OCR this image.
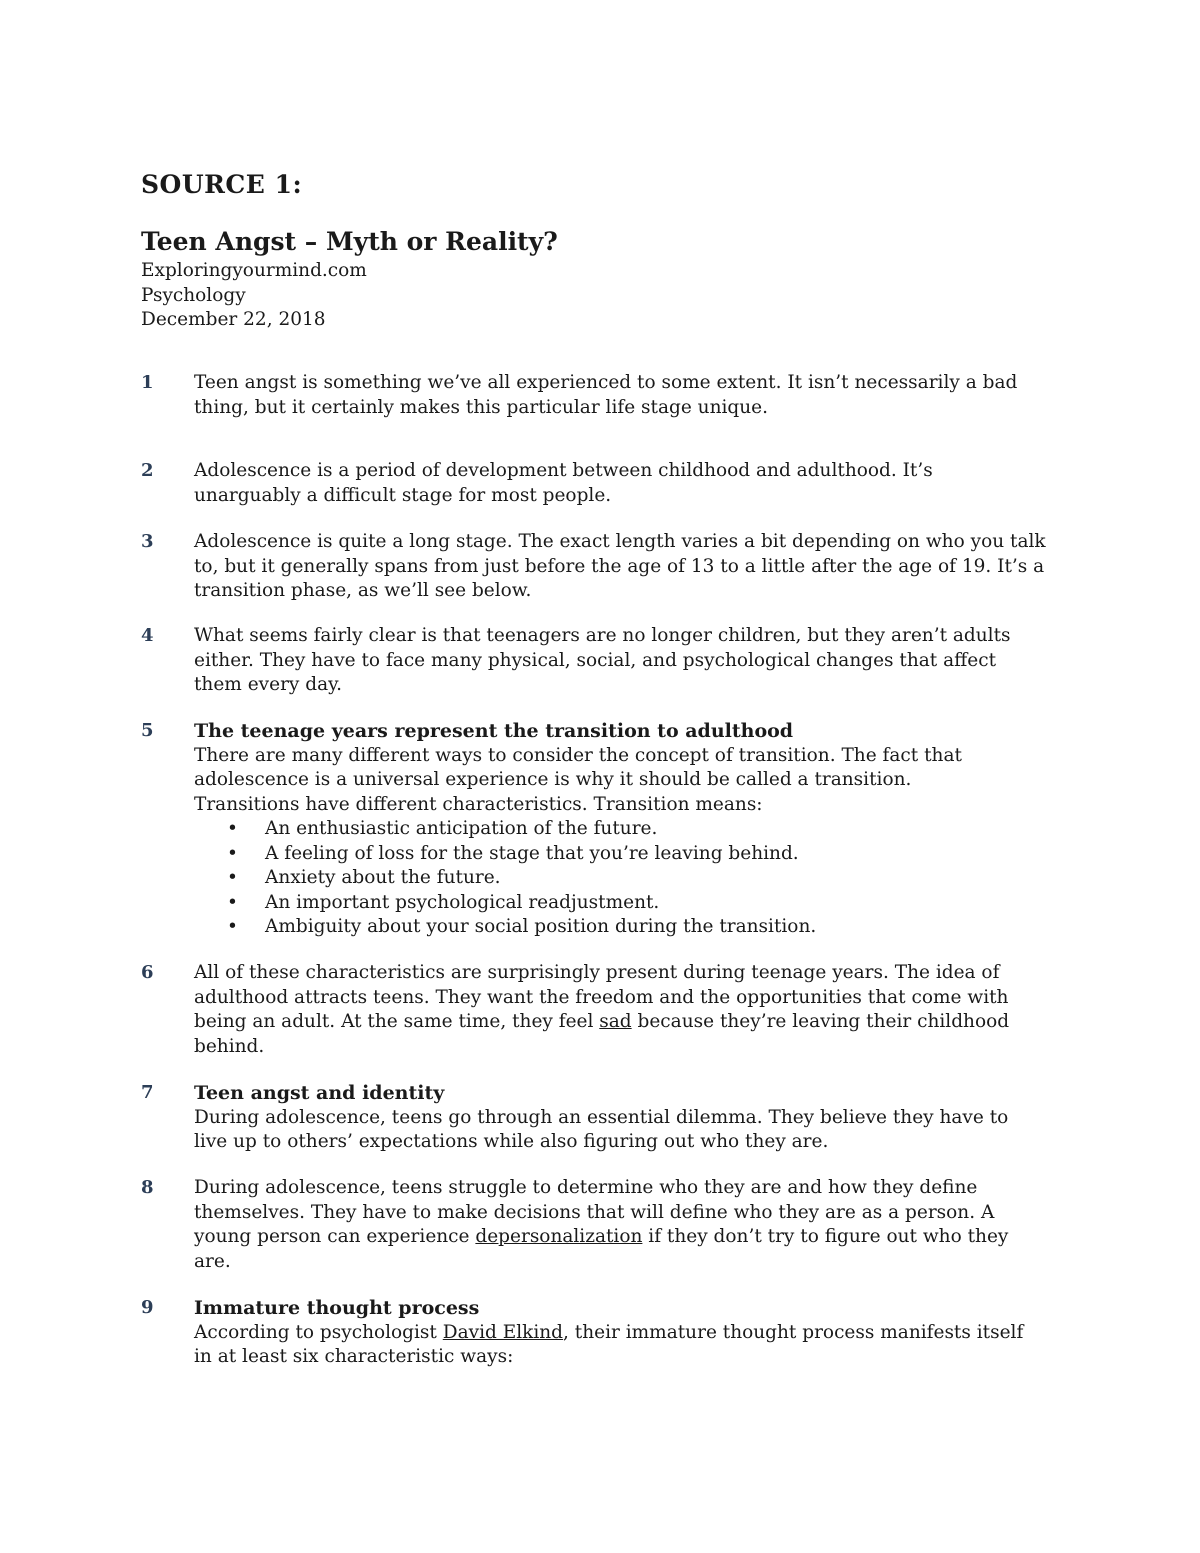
SOURCE 1:
Teen Angst – Myth or Reality?
Exploringyourmind.com
Psychology
December 22, 2018
1	Teen angst is something we’ve all experienced to some extent. It isn’t necessarily a bad

thing, but it certainly makes this particular life stage unique.

2	Adolescence is a period of development between childhood and adulthood. It’s

unarguably a difficult stage for most people.

3	Adolescence is quite a long stage. The exact length varies a bit depending on who you talk

to, but it generally spans from just before the age of 13 to a little after the age of 19. It’s a

transition phase, as we’ll see below.

4	What seems fairly clear is that teenagers are no longer children, but they aren’t adults

either. They have to face many physical, social, and psychological changes that affect

them every day.

5	The teenage years represent the transition to adulthood

There are many different ways to consider the concept of transition. The fact that

adolescence is a universal experience is why it should be called a transition.

Transitions have different characteristics. Transition means:

• An enthusiastic anticipation of the future.
• A feeling of loss for the stage that you’re leaving behind.
• Anxiety about the future.
• An important psychological readjustment.
• Ambiguity about your social position during the transition.
6	All of these characteristics are surprisingly present during teenage years. The idea of

adulthood attracts teens. They want the freedom and the opportunities that come with

being an adult. At the same time, they feel sad because they’re leaving their childhood

behind.

7	Teen angst and identity

During adolescence, teens go through an essential dilemma. They believe they have to

live up to others’ expectations while also figuring out who they are.

8	During adolescence, teens struggle to determine who they are and how they define

themselves. They have to make decisions that will define who they are as a person. A

young person can experience depersonalization if they don’t try to figure out who they

are.

9	Immature thought process

According to psychologist David Elkind, their immature thought process manifests itself

in at least six characteristic ways:
